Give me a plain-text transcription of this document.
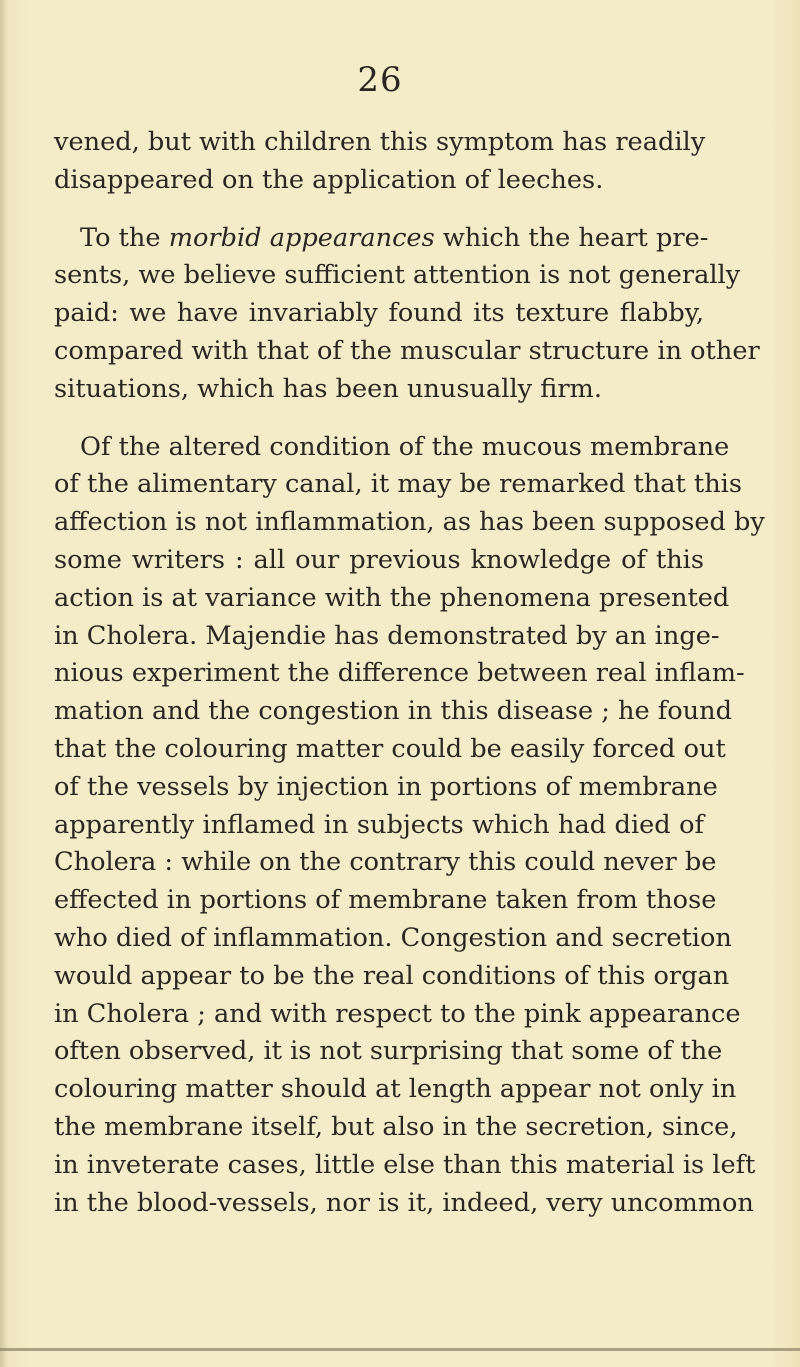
26
vened, but with children this symptom has readily
disappeared on the application of leeches.
To the morbid appearances which the heart pre-
sents, we believe sufficient attention is not generally
paid: we have invariably found its texture flabby,
compared with that of the muscular structure in other
situations, which has been unusually firm.
Of the altered condition of the mucous membrane
of the alimentary canal, it may be remarked that this
affection is not inflammation, as has been supposed by
some writers : all our previous knowledge of this
action is at variance with the phenomena presented
in Cholera. Majendie has demonstrated by an inge-
nious experiment the difference between real inflam-
mation and the congestion in this disease ; he found
that the colouring matter could be easily forced out
of the vessels by injection in portions of membrane
apparently inflamed in subjects which had died of
Cholera : while on the contrary this could never be
effected in portions of membrane taken from those
who died of inflammation. Congestion and secretion
would appear to be the real conditions of this organ
in Cholera ; and with respect to the pink appearance
often observed, it is not surprising that some of the
colouring matter should at length appear not only in
the membrane itself, but also in the secretion, since,
in inveterate cases, little else than this material is left
in the blood-vessels, nor is it, indeed, very uncommon
